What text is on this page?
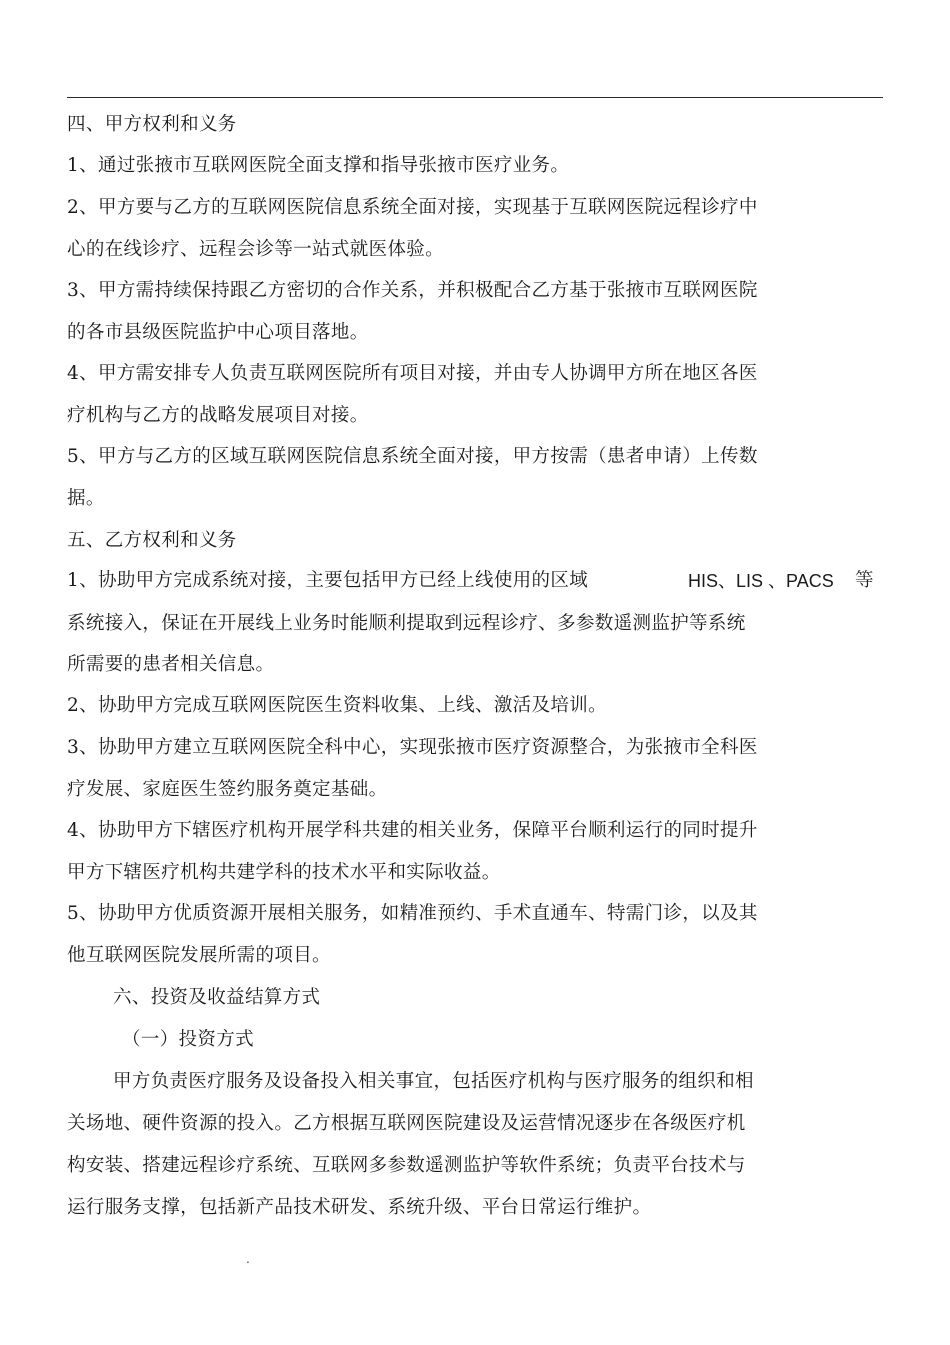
四、甲方权利和义务
1、通过张掖市互联网医院全面支撑和指导张掖市医疗业务。
2、甲方要与乙方的互联网医院信息系统全面对接，实现基于互联网医院远程诊疗中
心的在线诊疗、远程会诊等一站式就医体验。
3、甲方需持续保持跟乙方密切的合作关系，并积极配合乙方基于张掖市互联网医院
的各市县级医院监护中心项目落地。
4、甲方需安排专人负责互联网医院所有项目对接，并由专人协调甲方所在地区各医
疗机构与乙方的战略发展项目对接。
5、甲方与乙方的区域互联网医院信息系统全面对接，甲方按需（患者申请）上传数
据。
五、乙方权利和义务
1、协助甲方完成系统对接，主要包括甲方已经上线使用的区域	HIS、LIS 、PACS 等
系统接入，保证在开展线上业务时能顺利提取到远程诊疗、多参数遥测监护等系统
所需要的患者相关信息。
2、协助甲方完成互联网医院医生资料收集、上线、激活及培训。
3、协助甲方建立互联网医院全科中心，实现张掖市医疗资源整合，为张掖市全科医
疗发展、家庭医生签约服务奠定基础。
4、协助甲方下辖医疗机构开展学科共建的相关业务，保障平台顺利运行的同时提升
甲方下辖医疗机构共建学科的技术水平和实际收益。
5、协助甲方优质资源开展相关服务，如精准预约、手术直通车、特需门诊，以及其
他互联网医院发展所需的项目。
六、投资及收益结算方式
（一）投资方式
甲方负责医疗服务及设备投入相关事宜，包括医疗机构与医疗服务的组织和相
关场地、硬件资源的投入。乙方根据互联网医院建设及运营情况逐步在各级医疗机
构安装、搭建远程诊疗系统、互联网多参数遥测监护等软件系统；负责平台技术与
运行服务支撑，包括新产品技术研发、系统升级、平台日常运行维护。
.
